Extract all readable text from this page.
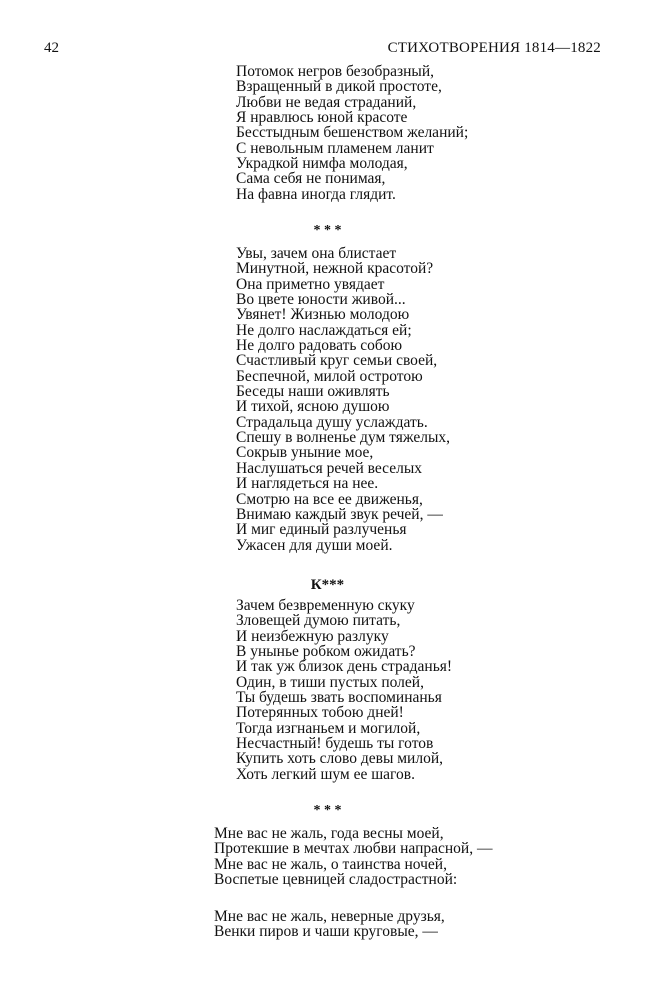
42	СТИХОТВОРЕНИЯ 1814—1822
Потомок негров безобразный,
Взращенный в дикой простоте,
Любви не ведая страданий,
Я нравлюсь юной красоте
Бесстыдным бешенством желаний;
С невольным пламенем ланит
Украдкой нимфа молодая,
Сама себя не понимая,
На фавна иногда глядит.
* * *
Увы, зачем она блистает
Минутной, нежной красотой?
Она приметно увядает
Во цвете юности живой...
Увянет! Жизнью молодою
Не долго наслаждаться ей;
Не долго радовать собою
Счастливый круг семьи своей,
Беспечной, милой остротою
Беседы наши оживлять
И тихой, ясною душою
Страдальца душу услаждать.
Спешу в волненье дум тяжелых,
Сокрыв уныние мое,
Наслушаться речей веселых
И наглядеться на нее.
Смотрю на все ее движенья,
Внимаю каждый звук речей, —
И миг единый разлученья
Ужасен для души моей.
К***
Зачем безвременную скуку
Зловещей думою питать,
И неизбежную разлуку
В унынье робком ожидать?
И так уж близок день страданья!
Один, в тиши пустых полей,
Ты будешь звать воспоминанья
Потерянных тобою дней!
Тогда изгнаньем и могилой,
Несчастный! будешь ты готов
Купить хоть слово девы милой,
Хоть легкий шум ее шагов.
* * *
Мне вас не жаль, года весны моей,
Протекшие в мечтах любви напрасной, —
Мне вас не жаль, о таинства ночей,
Воспетые цевницей сладострастной:
Мне вас не жаль, неверные друзья,
Венки пиров и чаши круговые, —
